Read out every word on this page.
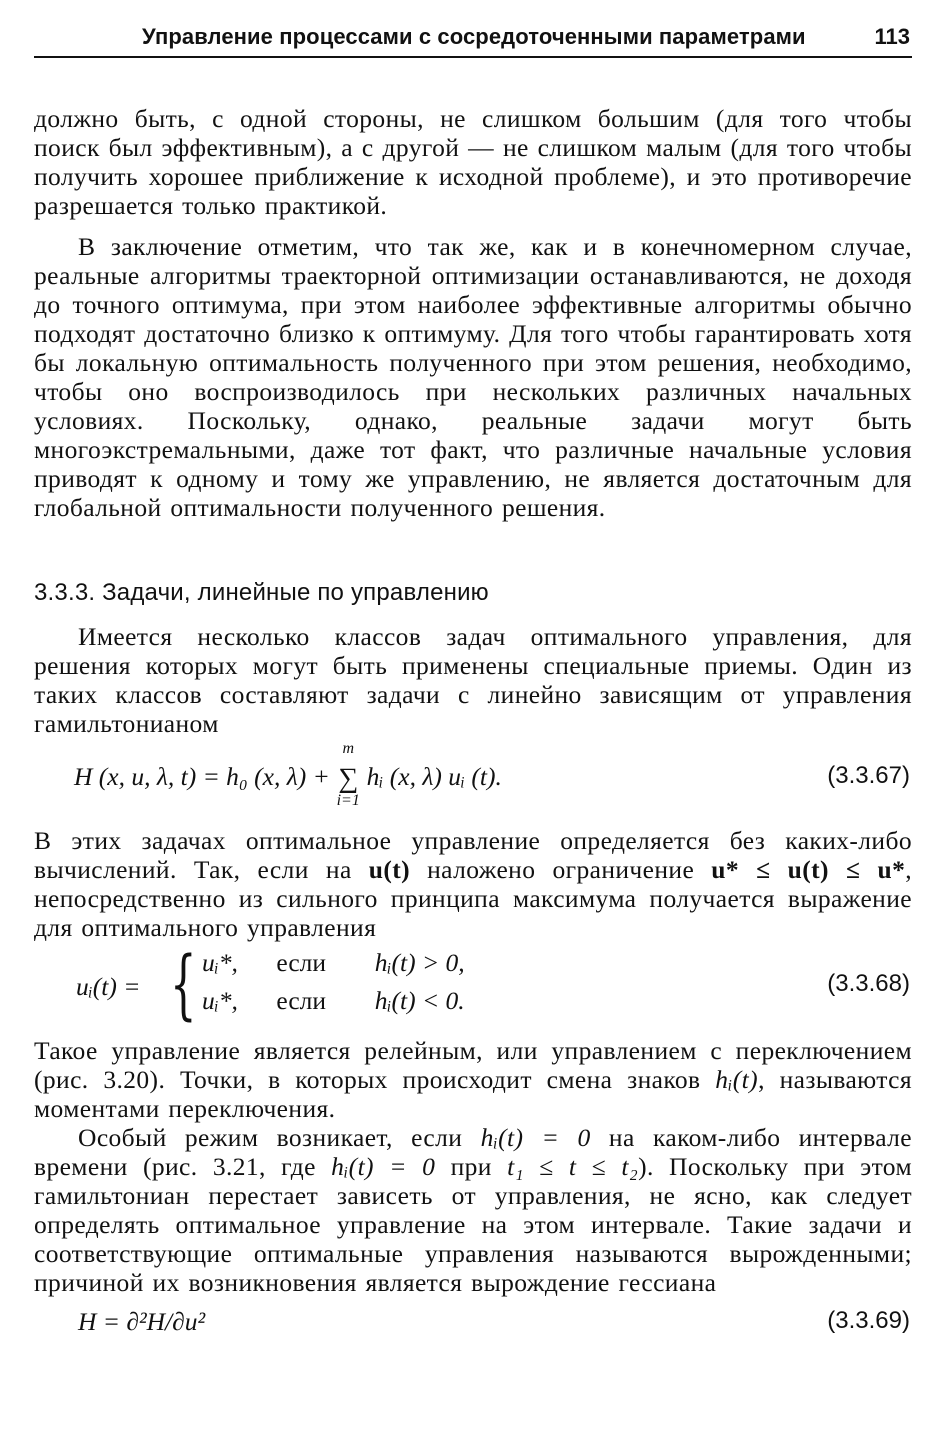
Управление процессами с сосредоточенными параметрами	113

должно быть, с одной стороны, не слишком большим (для того чтобы поиск был эффективным), а с другой — не слишком малым (для того чтобы получить хорошее приближение к исходной проблеме), и это противоречие разрешается только практикой.

В заключение отметим, что так же, как и в конечномерном случае, реальные алгоритмы траекторной оптимизации останавливаются, не доходя до точного оптимума, при этом наиболее эффективные алгоритмы обычно подходят достаточно близко к оптимуму. Для того чтобы гарантировать хотя бы локальную оптимальность полученного при этом решения, необходимо, чтобы оно воспроизводилось при нескольких различных начальных условиях. Поскольку, однако, реальные задачи могут быть многоэкстремальными, даже тот факт, что различные начальные условия приводят к одному и тому же управлению, не является достаточным для глобальной оптимальности полученного решения.

3.3.3. Задачи, линейные по управлению

Имеется несколько классов задач оптимального управления, для решения которых могут быть применены специальные приемы. Один из таких классов составляют задачи с линейно зависящим от управления гамильтонианом

H (x, u, λ, t) = h₀ (x, λ) +
m
∑
i=1
hᵢ (x, λ) uᵢ (t).	(3.3.67)

В этих задачах оптимальное управление определяется без каких-либо вычислений. Так, если на u(t) наложено ограничение u* ≤ u(t) ≤ u*, непосредственно из сильного принципа максимума получается выражение для оптимального управления

uᵢ(t) = { uᵢ*, если hᵢ(t) > 0,
uᵢ*, если hᵢ(t) < 0.
(3.3.68)

Такое управление является релейным, или управлением с переключением (рис. 3.20). Точки, в которых происходит смена знаков hᵢ(t), называются моментами переключения.

Особый режим возникает, если hᵢ(t) = 0 на каком-либо интервале времени (рис. 3.21, где hᵢ(t) = 0 при t₁ ≤ t ≤ t₂). Поскольку при этом гамильтониан перестает зависеть от управления, не ясно, как следует определять оптимальное управление на этом интервале. Такие задачи и соответствующие оптимальные управления называются вырожденными; причиной их возникновения является вырождение гессиана

H = ∂²H/∂u²	(3.3.69)
